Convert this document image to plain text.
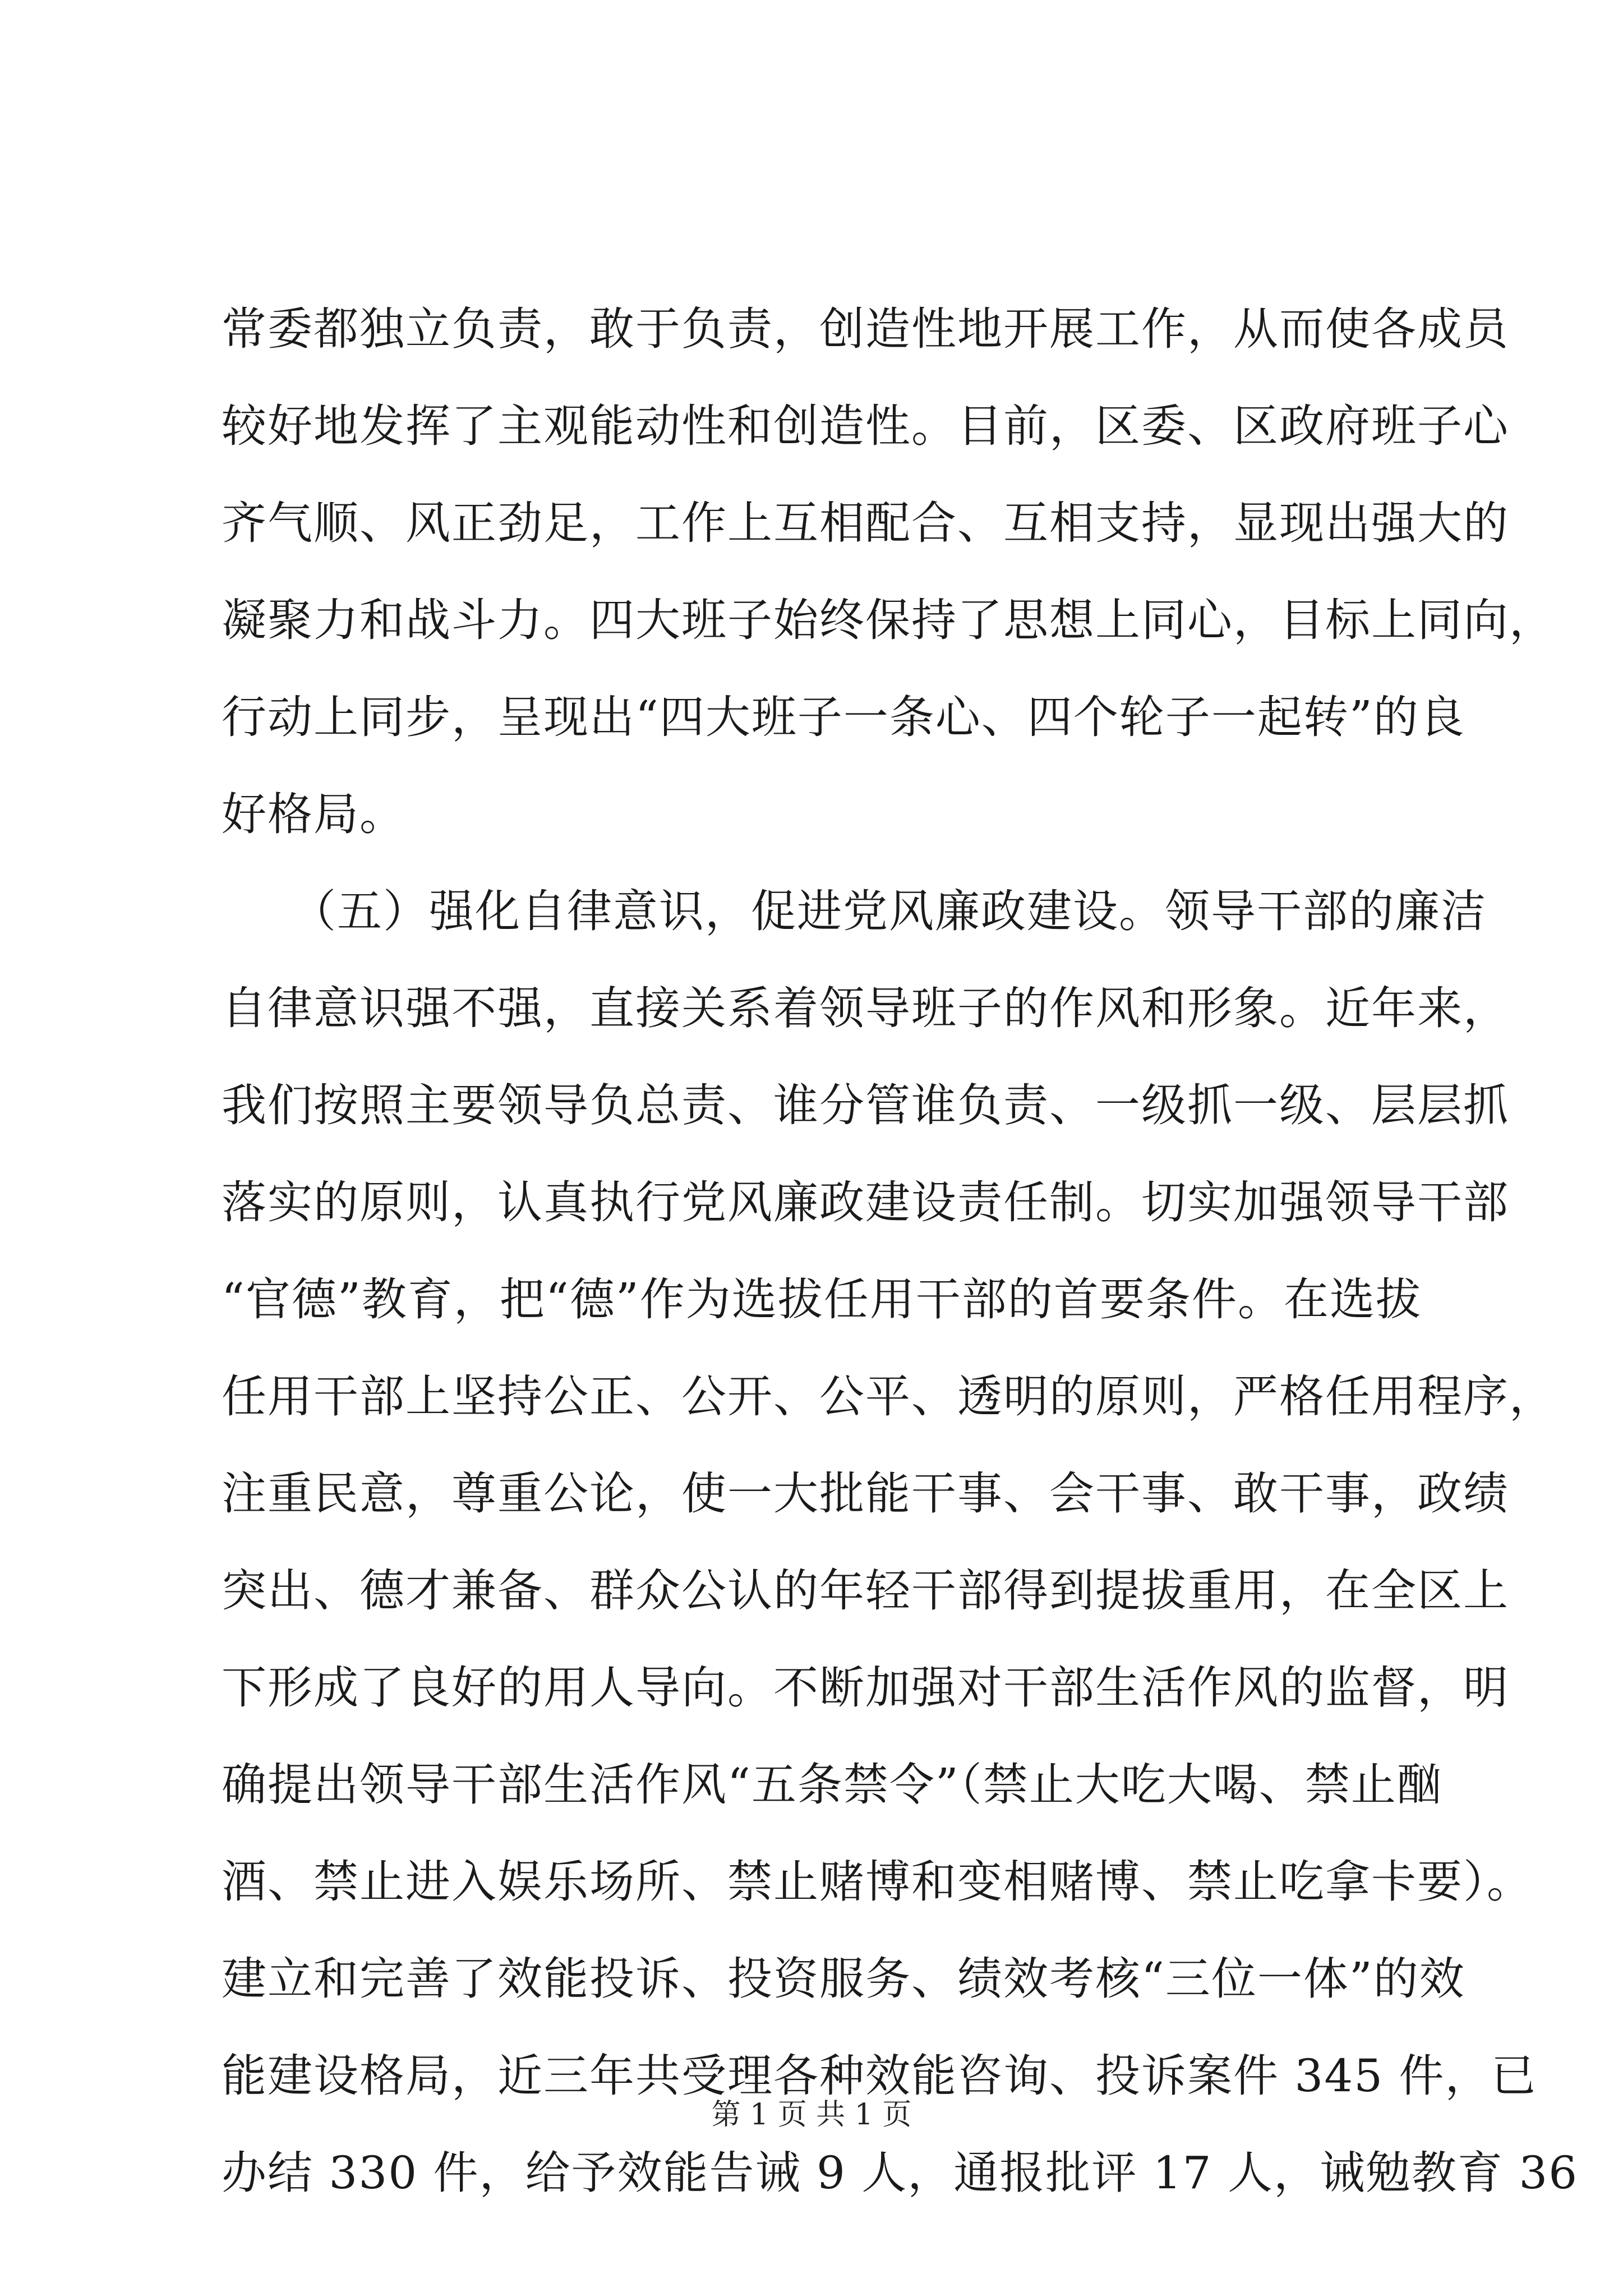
常委都独立负责，敢于负责，创造性地开展工作，从而使各成员
较好地发挥了主观能动性和创造性。目前，区委、区政府班子心
齐气顺、风正劲足，工作上互相配合、互相支持，显现出强大的
凝聚力和战斗力。四大班子始终保持了思想上同心，目标上同向，
行动上同步，呈现出“四大班子一条心、四个轮子一起转”的良
好格局。
　　（五）强化自律意识，促进党风廉政建设。领导干部的廉洁
自律意识强不强，直接关系着领导班子的作风和形象。近年来，
我们按照主要领导负总责、谁分管谁负责、一级抓一级、层层抓
落实的原则，认真执行党风廉政建设责任制。切实加强领导干部
“官德”教育，把“德”作为选拔任用干部的首要条件。在选拔
任用干部上坚持公正、公开、公平、透明的原则，严格任用程序，
注重民意，尊重公论，使一大批能干事、会干事、敢干事，政绩
突出、德才兼备、群众公认的年轻干部得到提拔重用，在全区上
下形成了良好的用人导向。不断加强对干部生活作风的监督，明
确提出领导干部生活作风“五条禁令”（禁止大吃大喝、禁止酗
酒、禁止进入娱乐场所、禁止赌博和变相赌博、禁止吃拿卡要）。
建立和完善了效能投诉、投资服务、绩效考核“三位一体”的效
能建设格局，近三年共受理各种效能咨询、投诉案件 345 件，已
办结 330 件，给予效能告诫 9 人，通报批评 17 人，诫勉教育 36
第 1 页 共 1 页
